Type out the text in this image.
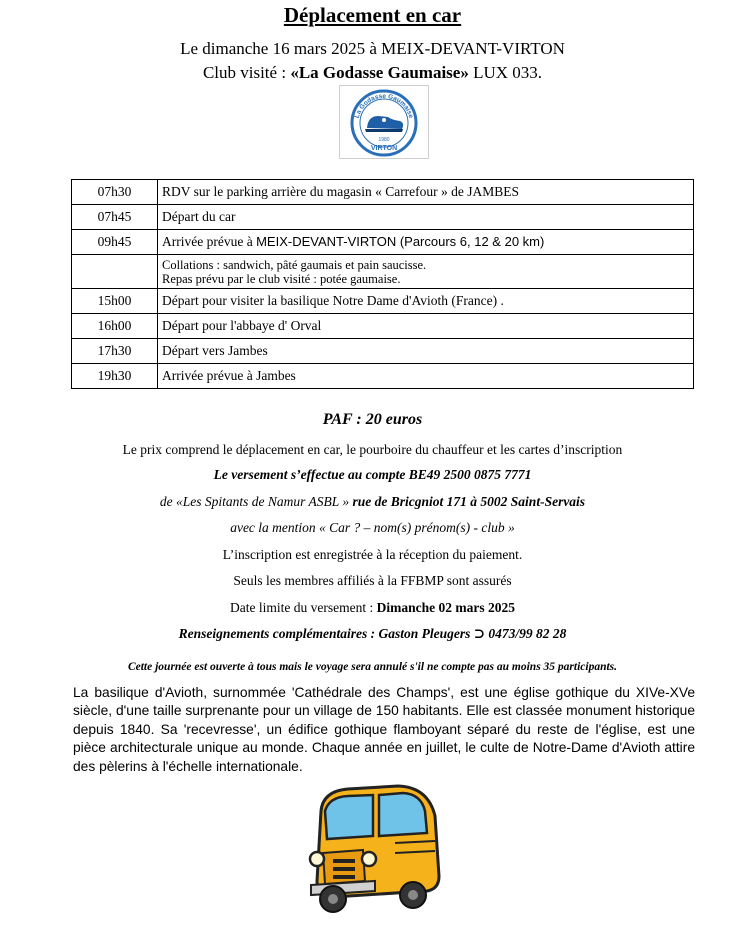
Déplacement en car
Le dimanche 16 mars 2025 à MEIX-DEVANT-VIRTON
Club visité : «La Godasse Gaumaise» LUX 033.
La Godasse Gaumaise
1980
VIRTON
07h30	RDV sur le parking arrière du magasin « Carrefour » de JAMBES
07h45	Départ du car
09h45	Arrivée prévue à MEIX-DEVANT-VIRTON (Parcours 6, 12 & 20 km)

	Collations : sandwich, pâté gaumais et pain saucisse.
Repas prévu par le club visité : potée gaumaise.

15h00	Départ pour visiter la basilique Notre Dame d'Avioth (France) .
16h00	Départ pour l'abbaye d' Orval
17h30	Départ vers Jambes
19h30	Arrivée prévue à Jambes
PAF : 20 euros
Le prix comprend le déplacement en car, le pourboire du chauffeur et les cartes d’inscription
Le versement s’effectue au compte BE49 2500 0875 7771
de «Les Spitants de Namur ASBL » rue de Bricgniot 171 à 5002 Saint-Servais
avec la mention « Car ? – nom(s) prénom(s) - club »
L’inscription est enregistrée à la réception du paiement.
Seuls les membres affiliés à la FFBMP sont assurés
Date limite du versement : Dimanche 02 mars 2025
Renseignements complémentaires : Gaston Pleugers ⊃ 0473/99 82 28
Cette journée est ouverte à tous mais le voyage sera annulé s'il ne compte pas au moins 35 participants.
La basilique d'Avioth, surnommée 'Cathédrale des Champs', est une église gothique du XIVe-XVe siècle, d'une taille surprenante pour un village de 150 habitants. Elle est classée monument historique depuis 1840. Sa 'recevresse', un édifice gothique flamboyant séparé du reste de l'église, est une pièce architecturale unique au monde. Chaque année en juillet, le culte de Notre-Dame d'Avioth attire des pèlerins à l'échelle internationale.
